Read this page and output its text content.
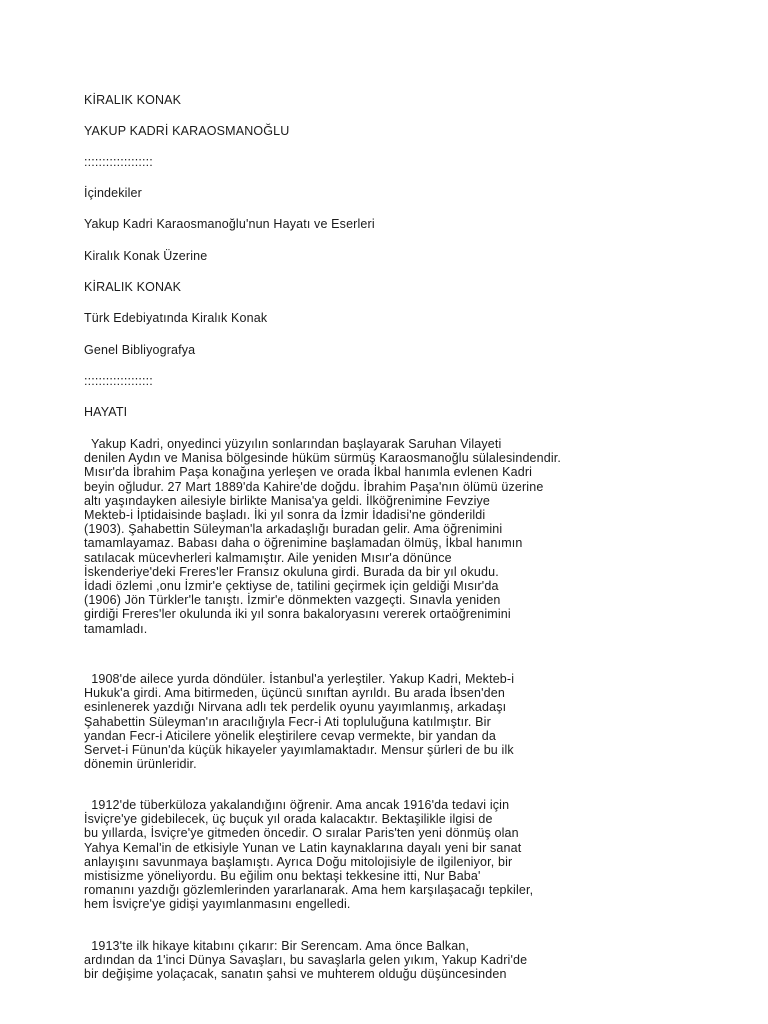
KİRALIK KONAK
YAKUP KADRİ KARAOSMANOĞLU
:::::::::::::::::::
İçindekiler
Yakup Kadri Karaosmanoğlu'nun Hayatı ve Eserleri
Kiralık Konak Üzerine
KİRALIK KONAK
Türk Edebiyatında Kiralık Konak
Genel Bibliyografya
:::::::::::::::::::
HAYATI
Yakup Kadri, onyedinci yüzyılın sonlarından başlayarak Saruhan Vilayeti
denilen Aydın ve Manisa bölgesinde hüküm sürmüş Karaosmanoğlu sülalesindendir.
Mısır'da İbrahim Paşa konağına yerleşen ve orada İkbal hanımla evlenen Kadri
beyin oğludur. 27 Mart 1889'da Kahire'de doğdu. İbrahim Paşa'nın ölümü üzerine
altı yaşındayken ailesiyle birlikte Manisa'ya geldi. İlköğrenimine Fevziye
Mekteb-i İptidaisinde başladı. İki yıl sonra da İzmir İdadisi'ne gönderildi
(1903). Şahabettin Süleyman'la arkadaşlığı buradan gelir. Ama öğrenimini
tamamlayamaz. Babası daha o öğrenimine başlamadan ölmüş, İkbal hanımın
satılacak mücevherleri kalmamıştır. Aile yeniden Mısır'a dönünce
İskenderiye'deki Freres'ler Fransız okuluna girdi. Burada da bir yıl okudu.
İdadi özlemi ,onu İzmir'e çektiyse de, tatilini geçirmek için geldiği Mısır'da
(1906) Jön Türkler'le tanıştı. İzmir'e dönmekten vazgeçti. Sınavla yeniden
girdiği Freres'ler okulunda iki yıl sonra bakaloryasını vererek ortaöğrenimini
tamamladı.
1908'de ailece yurda döndüler. İstanbul'a yerleştiler. Yakup Kadri, Mekteb-i
Hukuk'a girdi. Ama bitirmeden, üçüncü sınıftan ayrıldı. Bu arada İbsen'den
esinlenerek yazdığı Nirvana adlı tek perdelik oyunu yayımlanmış, arkadaşı
Şahabettin Süleyman'ın aracılığıyla Fecr-i Ati topluluğuna katılmıştır. Bir
yandan Fecr-i Aticilere yönelik eleştirilere cevap vermekte, bir yandan da
Servet-i Fünun'da küçük hikayeler yayımlamaktadır. Mensur şürleri de bu ilk
dönemin ürünleridir.
1912'de tüberküloza yakalandığını öğrenir. Ama ancak 1916'da tedavi için
İsviçre'ye gidebilecek, üç buçuk yıl orada kalacaktır. Bektaşilikle ilgisi de
bu yıllarda, İsviçre'ye gitmeden öncedir. O sıralar Paris'ten yeni dönmüş olan
Yahya Kemal'in de etkisiyle Yunan ve Latin kaynaklarına dayalı yeni bir sanat
anlayışını savunmaya başlamıştı. Ayrıca Doğu mitolojisiyle de ilgileniyor, bir
mistisizme yöneliyordu. Bu eğilim onu bektaşi tekkesine itti, Nur Baba'
romanını yazdığı gözlemlerinden yararlanarak. Ama hem karşılaşacağı tepkiler,
hem İsviçre'ye gidişi yayımlanmasını engelledi.
1913'te ilk hikaye kitabını çıkarır: Bir Serencam. Ama önce Balkan,
ardından da 1'inci Dünya Savaşları, bu savaşlarla gelen yıkım, Yakup Kadri'de
bir değişime yolaçacak, sanatın şahsi ve muhterem olduğu düşüncesinden
